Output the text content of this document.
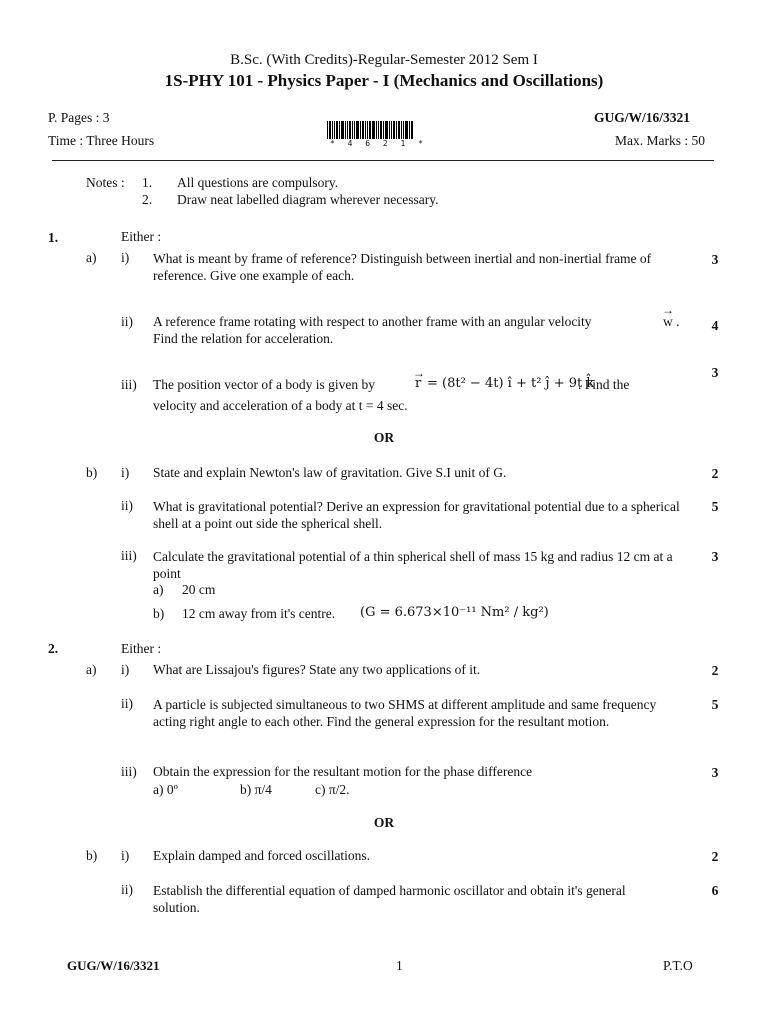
B.Sc. (With Credits)-Regular-Semester 2012 Sem I
1S-PHY 101 - Physics Paper - I (Mechanics and Oscillations)
P. Pages : 3	GUG/W/16/3321
Time : Three Hours	Max. Marks : 50
* 4 6 2 1 *
Notes : 1. All questions are compulsory.
2. Draw neat labelled diagram wherever necessary.
1.	Either :
a) i) What is meant by frame of reference? Distinguish between inertial and non-inertial frame of reference. Give one example of each.
3
ii) A reference frame rotating with respect to another frame with an angular velocity
→
w .
Find the relation for acceleration.
4
iii) The position vector of a body is given by
→
r = (8t² − 4t) î + t² ĵ + 9t k̂
. Find the
velocity and acceleration of a body at t = 4 sec.
3
OR
b) i) State and explain Newton's law of gravitation. Give S.I unit of G.	2
ii) What is gravitational potential? Derive an expression for gravitational potential due to a spherical shell at a point out side the spherical shell.
5
iii) Calculate the gravitational potential of a thin spherical shell of mass 15 kg and radius 12 cm at a point
3
a) 20 cm
b) 12 cm away from it's centre. (G = 6.673×10⁻¹¹ Nm² / kg²)
2.	Either :
a) i) What are Lissajou's figures? State any two applications of it.	2
ii) A particle is subjected simultaneous to two SHMS at different amplitude and same frequency acting right angle to each other. Find the general expression for the resultant motion.
5
iii) Obtain the expression for the resultant motion for the phase difference	3
a) 0º	b) π/4	c) π/2.
OR
b) i) Explain damped and forced oscillations.	2
ii) Establish the differential equation of damped harmonic oscillator and obtain it's general solution.
6
GUG/W/16/3321	1	P.T.O
